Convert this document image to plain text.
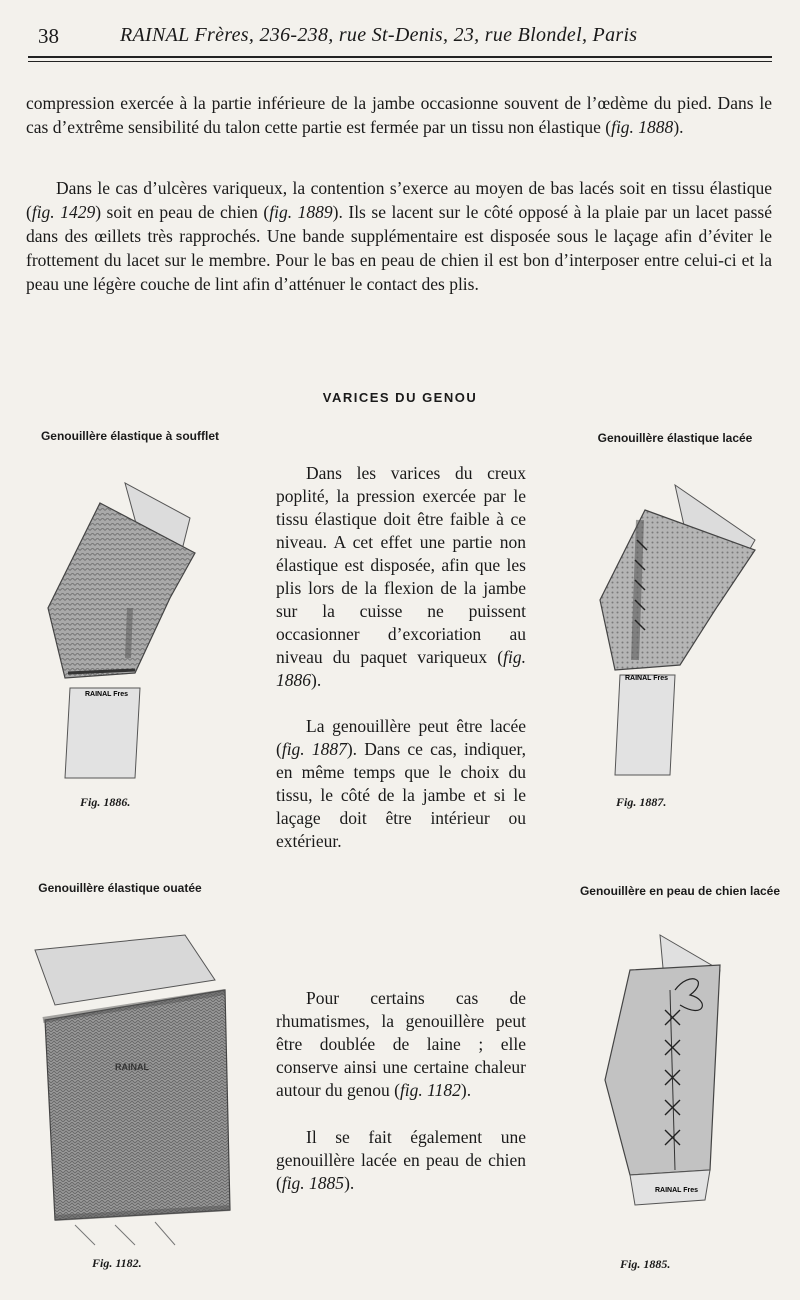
38	RAINAL Frères, 236-238, rue St-Denis, 23, rue Blondel, Paris

compression exercée à la partie inférieure de la jambe occasionne souvent de l’œdème du pied. Dans le cas d’extrême sensibilité du talon cette partie est fermée par un tissu non élastique (fig. 1888).

Dans le cas d’ulcères variqueux, la contention s’exerce au moyen de bas lacés soit en tissu élastique (fig. 1429) soit en peau de chien (fig. 1889). Ils se lacent sur le côté opposé à la plaie par un lacet passé dans des œillets très rapprochés. Une bande supplémentaire est disposée sous le laçage afin d’éviter le frottement du lacet sur le membre. Pour le bas en peau de chien il est bon d’interposer entre celui-ci et la peau une légère couche de lint afin d’atténuer le contact des plis.

VARICES DU GENOU
Genouillère élastique à soufflet	Genouillère élastique lacée
Genouillère élastique ouatée	Genouillère en peau de chien lacée
RAINAL Fres
RAINAL Fres
RAINAL
RAINAL Fres
Fig. 1886.	Fig. 1887.
Fig. 1182.	Fig. 1885.

Dans les varices du creux poplité, la pression exercée par le tissu élastique doit être faible à ce niveau. A cet effet une partie non élastique est disposée, afin que les plis lors de la flexion de la jambe sur la cuisse ne puissent occasionner d’excoriation au niveau du paquet variqueux (fig. 1886).

La genouillère peut être lacée (fig. 1887). Dans ce cas, indiquer, en même temps que le choix du tissu, le côté de la jambe et si le laçage doit être intérieur ou extérieur.

Pour certains cas de rhumatismes, la genouillère peut être doublée de laine ; elle conserve ainsi une certaine chaleur autour du genou (fig. 1182).

Il se fait également une genouillère lacée en peau de chien (fig. 1885).
